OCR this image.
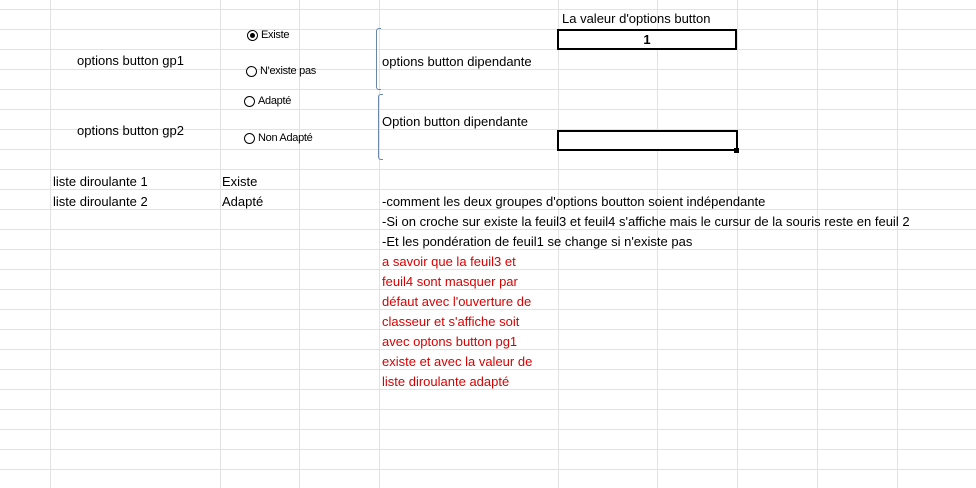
La valeur d'options button
1
options button gp1
Existe
N'existe pas
options button dipendante
Adapté
options button gp2	Non Adapté
Option button dipendante
liste diroulante 1	Existe
liste diroulante 2	Adapté	-comment les deux groupes d'options boutton soient indépendante
-Si on croche sur existe la feuil3 et feuil4 s'affiche mais le cursur de la souris reste en feuil 2
-Et les pondération de feuil1 se change si n'existe pas
a savoir que la feuil3 et
feuil4 sont masquer par
défaut avec l'ouverture de
classeur et s'affiche soit
avec optons button pg1
existe et avec la valeur de
liste diroulante adapté
